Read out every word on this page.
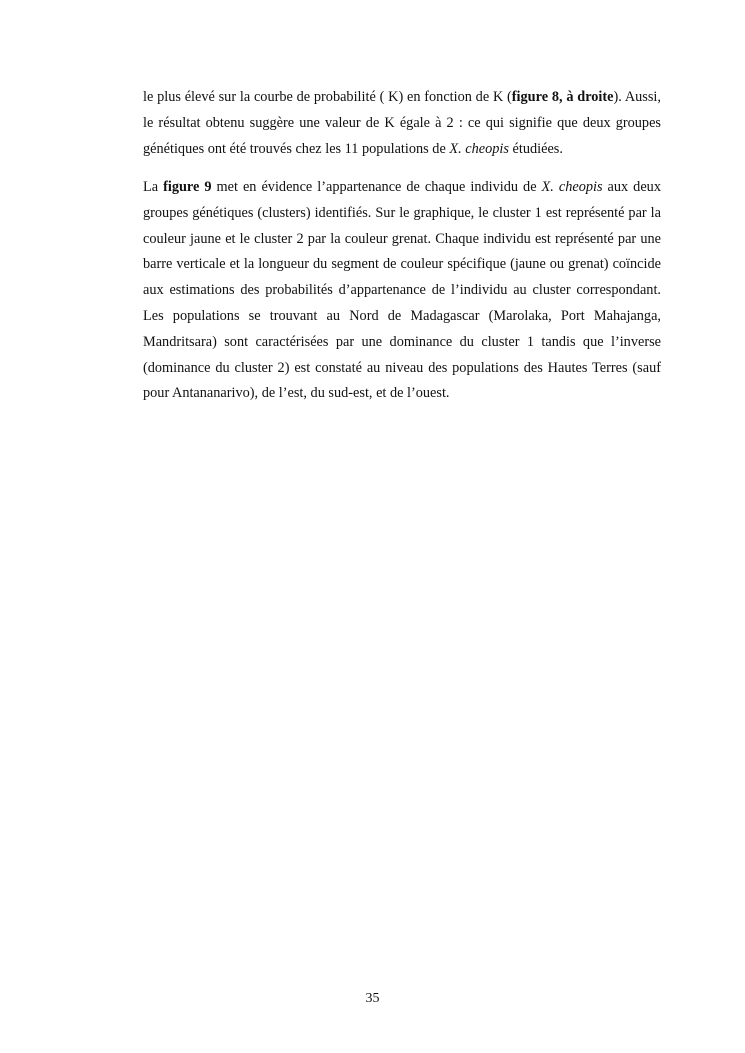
le plus élevé sur la courbe de probabilité ( K) en fonction de K (figure 8, à droite). Aussi, le résultat obtenu suggère une valeur de K égale à 2 : ce qui signifie que deux groupes génétiques ont été trouvés chez les 11 populations de X. cheopis étudiées.

La figure 9 met en évidence l’appartenance de chaque individu de X. cheopis aux deux groupes génétiques (clusters) identifiés. Sur le graphique, le cluster 1 est représenté par la couleur jaune et le cluster 2 par la couleur grenat. Chaque individu est représenté par une barre verticale et la longueur du segment de couleur spécifique (jaune ou grenat) coïncide aux estimations des probabilités d’appartenance de l’individu au cluster correspondant. Les populations se trouvant au Nord de Madagascar (Marolaka, Port Mahajanga, Mandritsara) sont caractérisées par une dominance du cluster 1 tandis que l’inverse (dominance du cluster 2) est constaté au niveau des populations des Hautes Terres (sauf pour Antananarivo), de l’est, du sud-est, et de l’ouest.

35
